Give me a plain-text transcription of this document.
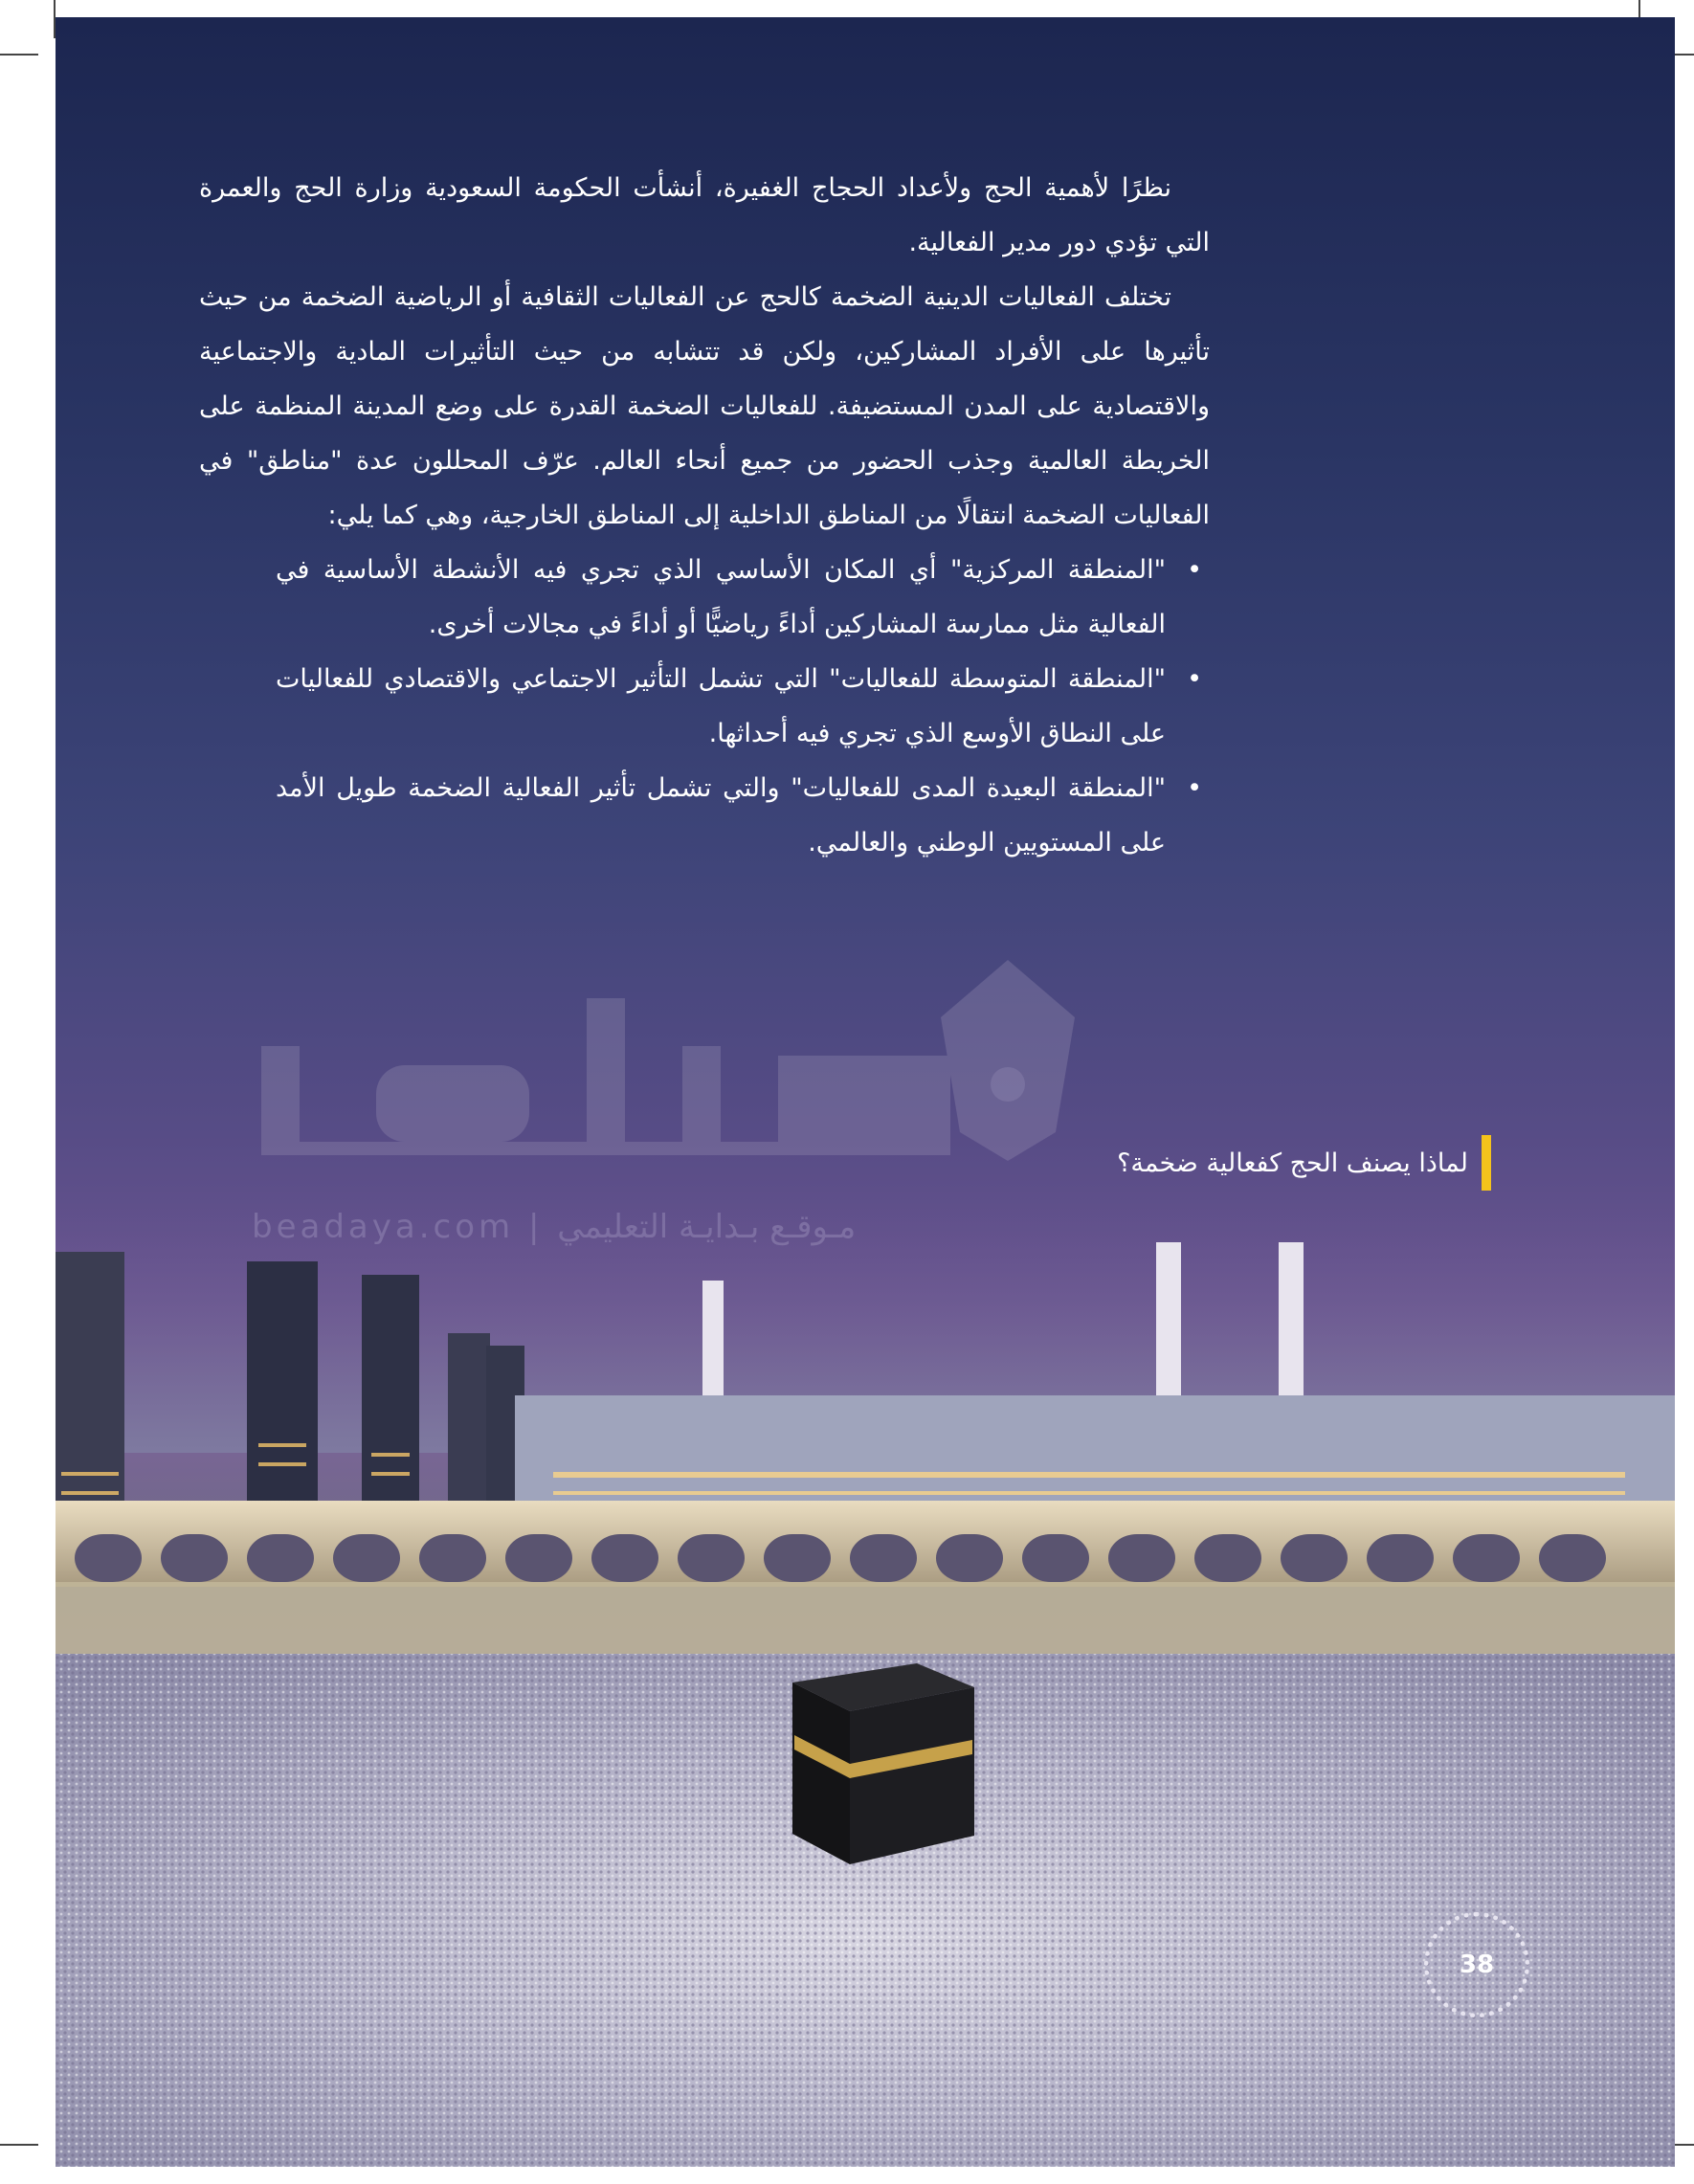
beadaya.com | مـوقـع بـدايـة التعليمي

نظرًا لأهمية الحج ولأعداد الحجاج الغفيرة، أنشأت الحكومة السعودية وزارة الحج والعمرة التي تؤدي دور مدير الفعالية.

تختلف الفعاليات الدينية الضخمة كالحج عن الفعاليات الثقافية أو الرياضية الضخمة من حيث تأثيرها على الأفراد المشاركين، ولكن قد تتشابه من حيث التأثيرات المادية والاجتماعية والاقتصادية على المدن المستضيفة. للفعاليات الضخمة القدرة على وضع المدينة المنظمة على الخريطة العالمية وجذب الحضور من جميع أنحاء العالم. عرّف المحللون عدة "مناطق" في الفعاليات الضخمة انتقالًا من المناطق الداخلية إلى المناطق الخارجية، وهي كما يلي:

• "المنطقة المركزية" أي المكان الأساسي الذي تجري فيه الأنشطة الأساسية في الفعالية مثل ممارسة المشاركين أداءً رياضيًّا أو أداءً في مجالات أخرى.
• "المنطقة المتوسطة للفعاليات" التي تشمل التأثير الاجتماعي والاقتصادي للفعاليات على النطاق الأوسع الذي تجري فيه أحداثها.
• "المنطقة البعيدة المدى للفعاليات" والتي تشمل تأثير الفعالية الضخمة طويل الأمد على المستويين الوطني والعالمي.
لماذا يصنف الحج كفعالية ضخمة؟
38
